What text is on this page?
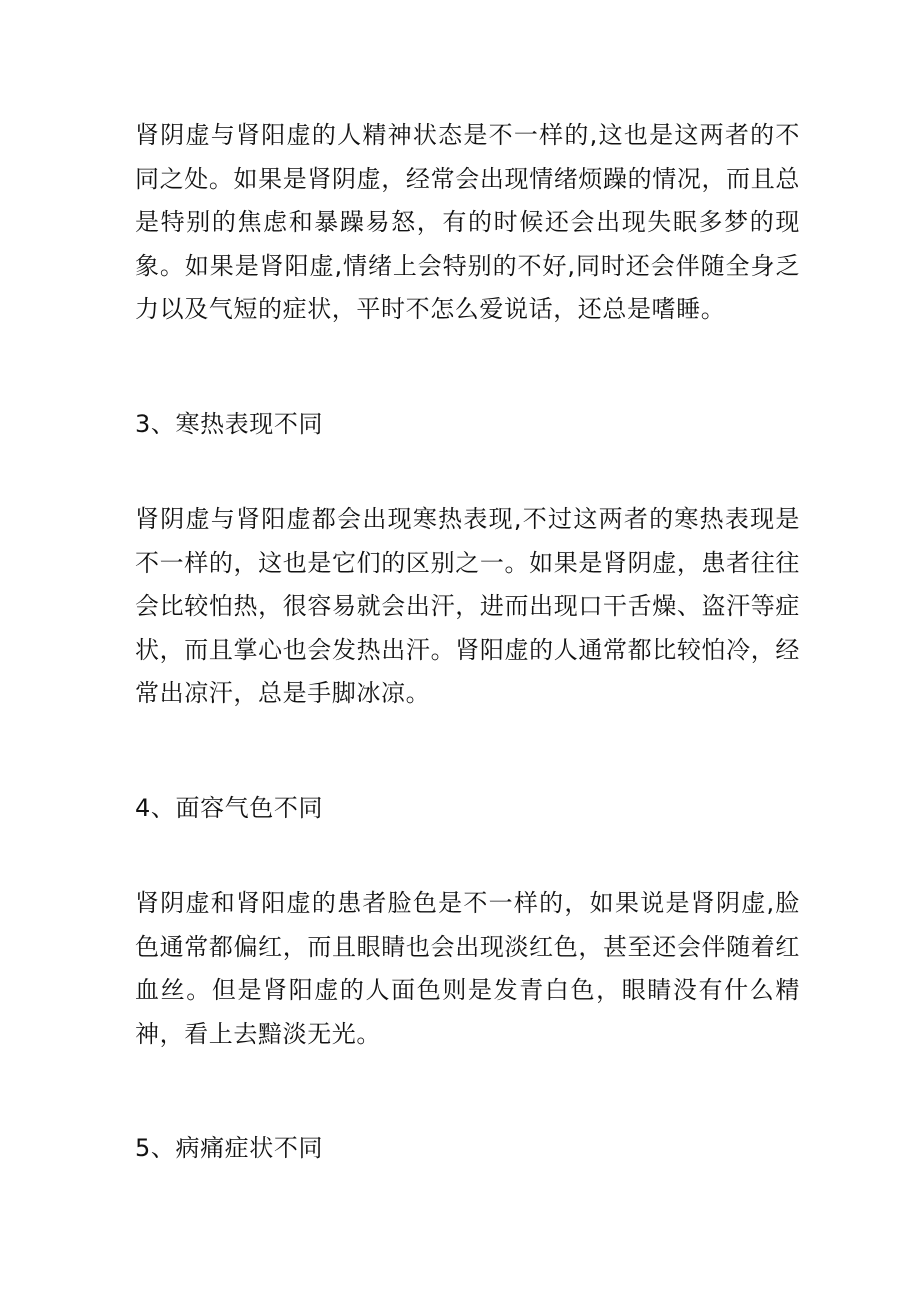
肾阴虚与肾阳虚的人精神状态是不一样的,这也是这两者的不同之处。如果是肾阴虚，经常会出现情绪烦躁的情况，而且总是特别的焦虑和暴躁易怒，有的时候还会出现失眠多梦的现象。如果是肾阳虚,情绪上会特别的不好,同时还会伴随全身乏力以及气短的症状，平时不怎么爱说话，还总是嗜睡。

3、寒热表现不同

肾阴虚与肾阳虚都会出现寒热表现,不过这两者的寒热表现是不一样的，这也是它们的区别之一。如果是肾阴虚，患者往往会比较怕热，很容易就会出汗，进而出现口干舌燥、盗汗等症状，而且掌心也会发热出汗。肾阳虚的人通常都比较怕冷，经常出凉汗，总是手脚冰凉。

4、面容气色不同

肾阴虚和肾阳虚的患者脸色是不一样的，如果说是肾阴虚,脸色通常都偏红，而且眼睛也会出现淡红色，甚至还会伴随着红血丝。但是肾阳虚的人面色则是发青白色，眼睛没有什么精神，看上去黯淡无光。

5、病痛症状不同
